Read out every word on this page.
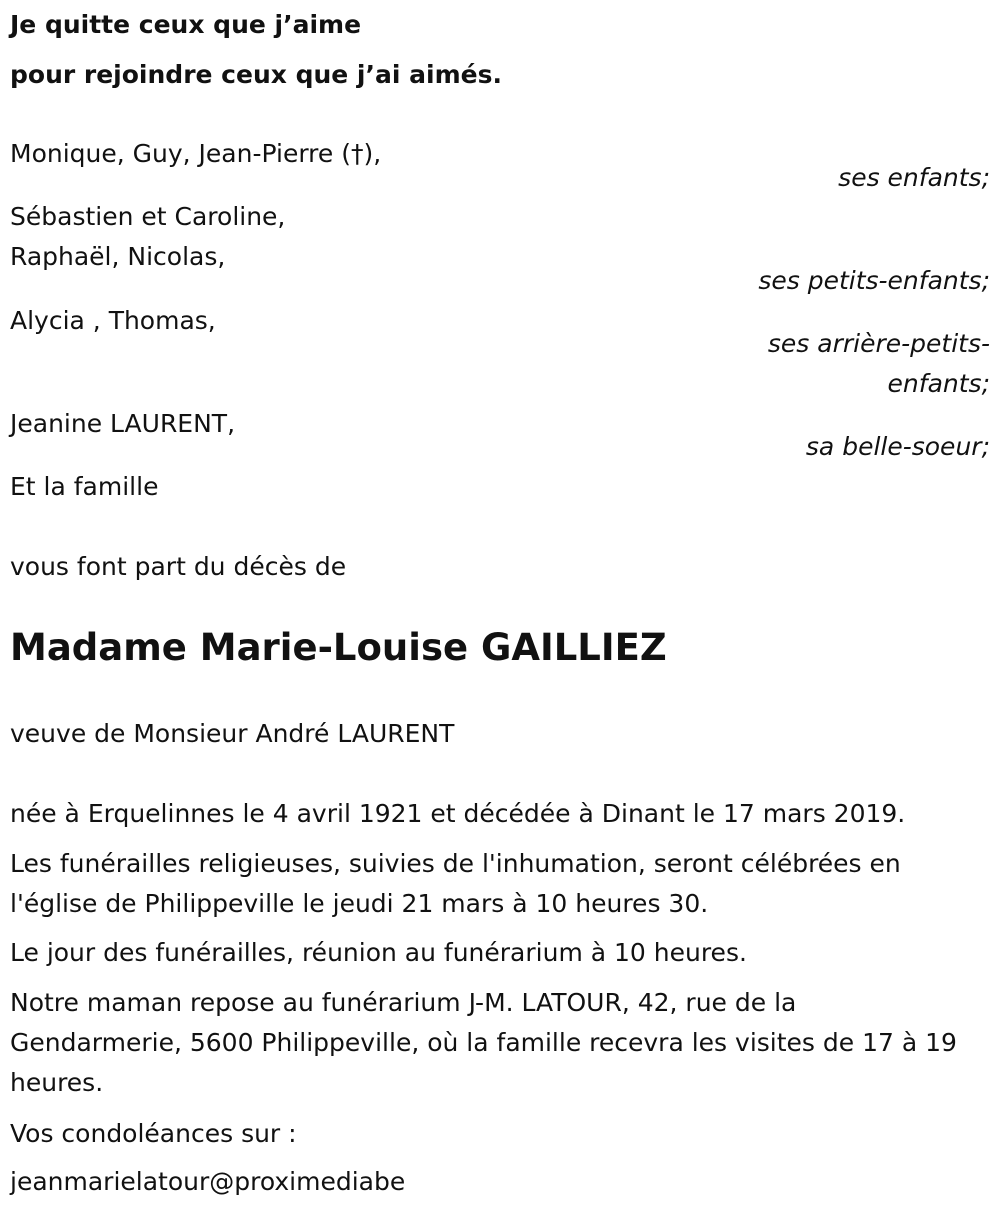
Je quitte ceux que j’aime
pour rejoindre ceux que j’ai aimés.
Monique, Guy, Jean-Pierre (†),
ses enfants;
Sébastien et Caroline,
Raphaël, Nicolas,
ses petits-enfants;
Alycia , Thomas,
ses arrière-petits-
enfants;
Jeanine LAURENT,
sa belle-soeur;
Et la famille
vous font part du décès de
Madame Marie-Louise GAILLIEZ
veuve de Monsieur André LAURENT
née à Erquelinnes le 4 avril 1921 et décédée à Dinant le 17 mars 2019.
Les funérailles religieuses, suivies de l'inhumation, seront célébrées en l'église de Philippeville le jeudi 21 mars à 10 heures 30.
Le jour des funérailles, réunion au funérarium à 10 heures.
Notre maman repose au funérarium J-M. LATOUR, 42, rue de la Gendarmerie, 5600 Philippeville, où la famille recevra les visites de 17 à 19 heures.
Vos condoléances sur :
jeanmarielatour@proximediabe
